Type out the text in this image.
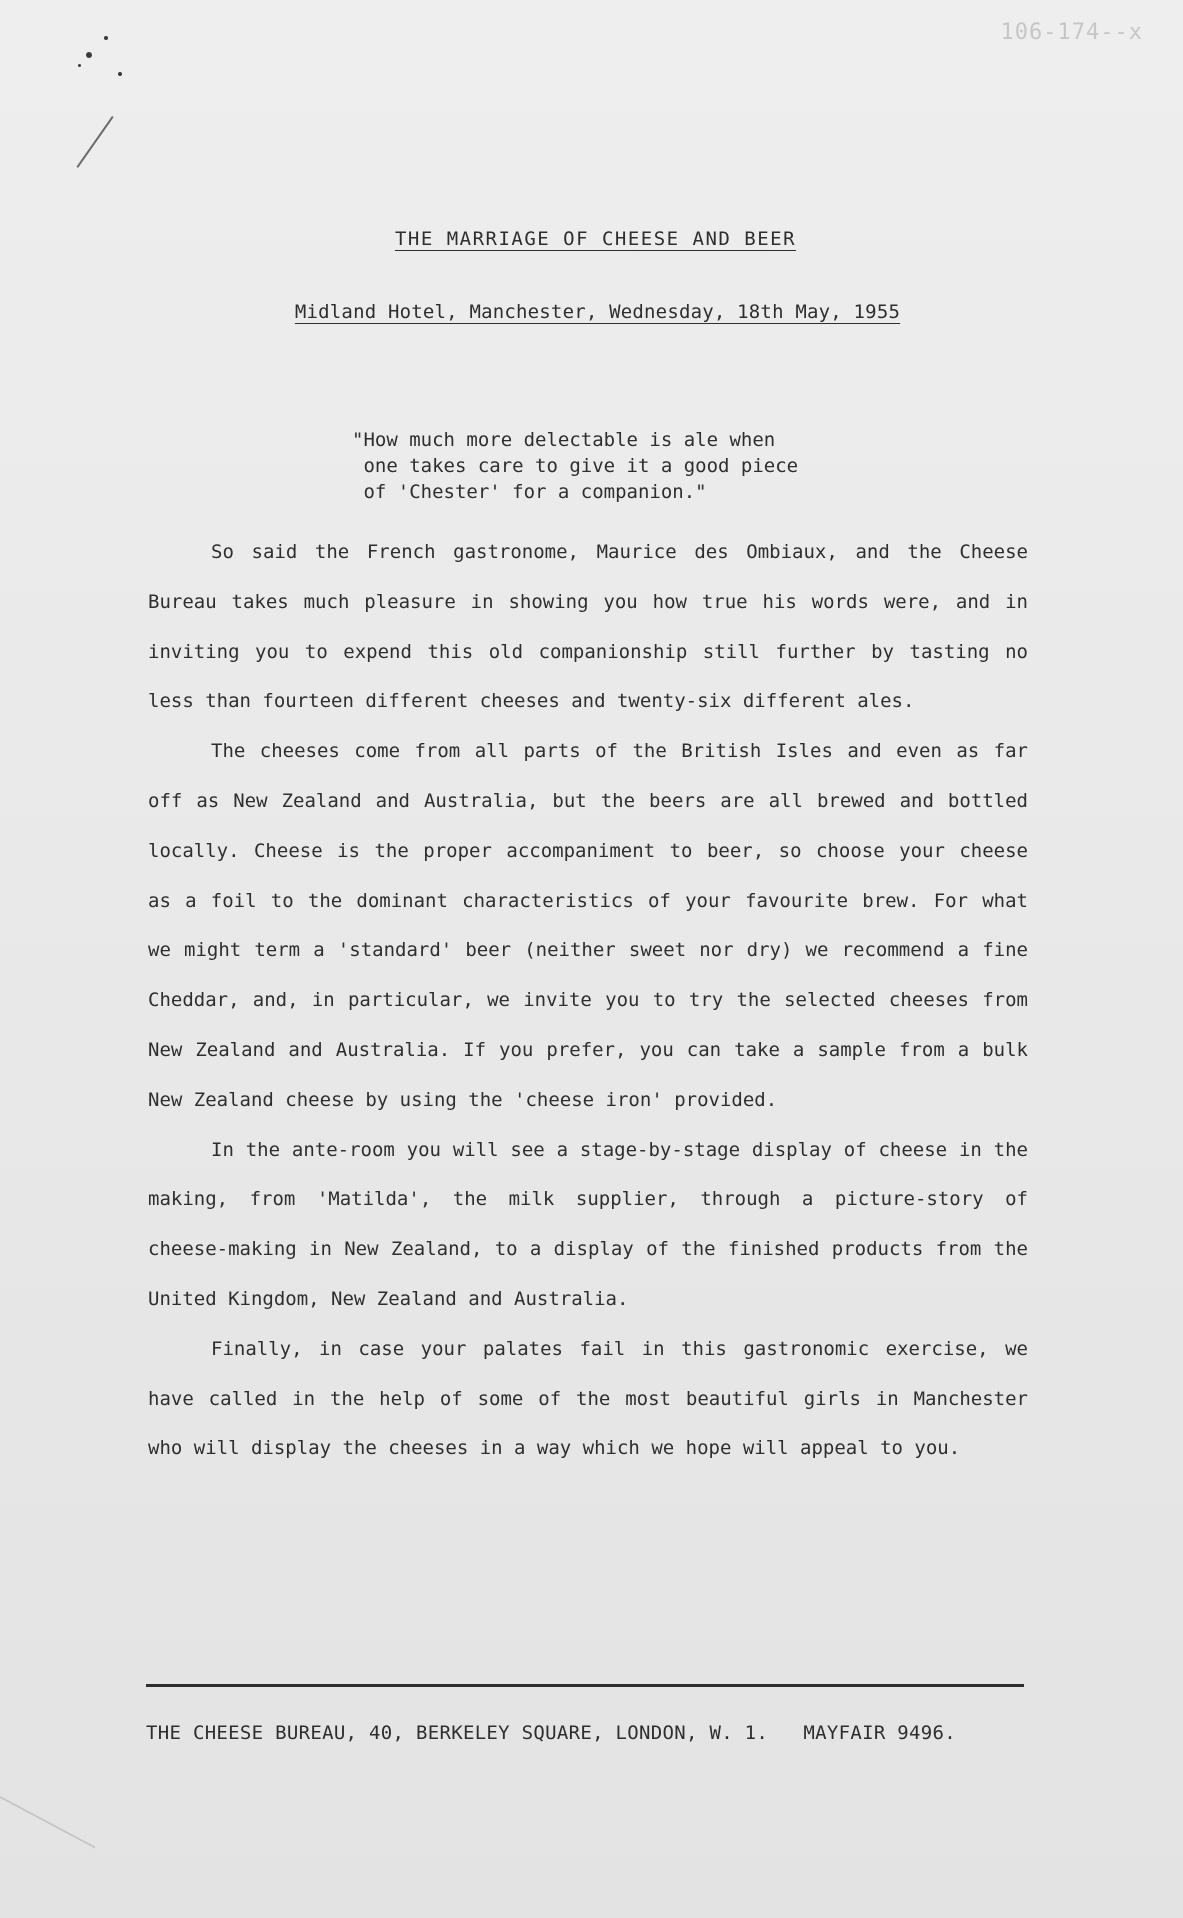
106-174--x
THE MARRIAGE OF CHEESE AND BEER
Midland Hotel, Manchester, Wednesday, 18th May, 1955
"How much more delectable is ale when
one takes care to give it a good piece
of 'Chester' for a companion."

So said the French gastronome, Maurice des Ombiaux, and the Cheese Bureau takes much pleasure in showing you how true his words were, and in inviting you to expend this old companionship still further by tasting no less than fourteen different cheeses and twenty-six different ales.

The cheeses come from all parts of the British Isles and even as far off as New Zealand and Australia, but the beers are all brewed and bottled locally. Cheese is the proper accompaniment to beer, so choose your cheese as a foil to the dominant characteristics of your favourite brew. For what we might term a 'standard' beer (neither sweet nor dry) we recommend a fine Cheddar, and, in particular, we invite you to try the selected cheeses from New Zealand and Australia. If you prefer, you can take a sample from a bulk New Zealand cheese by using the 'cheese iron' provided.

In the ante-room you will see a stage-by-stage display of cheese in the making, from 'Matilda', the milk supplier, through a picture-story of cheese-making in New Zealand, to a display of the finished products from the United Kingdom, New Zealand and Australia.

Finally, in case your palates fail in this gastronomic exercise, we have called in the help of some of the most beautiful girls in Manchester who will display the cheeses in a way which we hope will appeal to you.

THE CHEESE BUREAU, 40, BERKELEY SQUARE, LONDON, W. 1.   MAYFAIR 9496.
